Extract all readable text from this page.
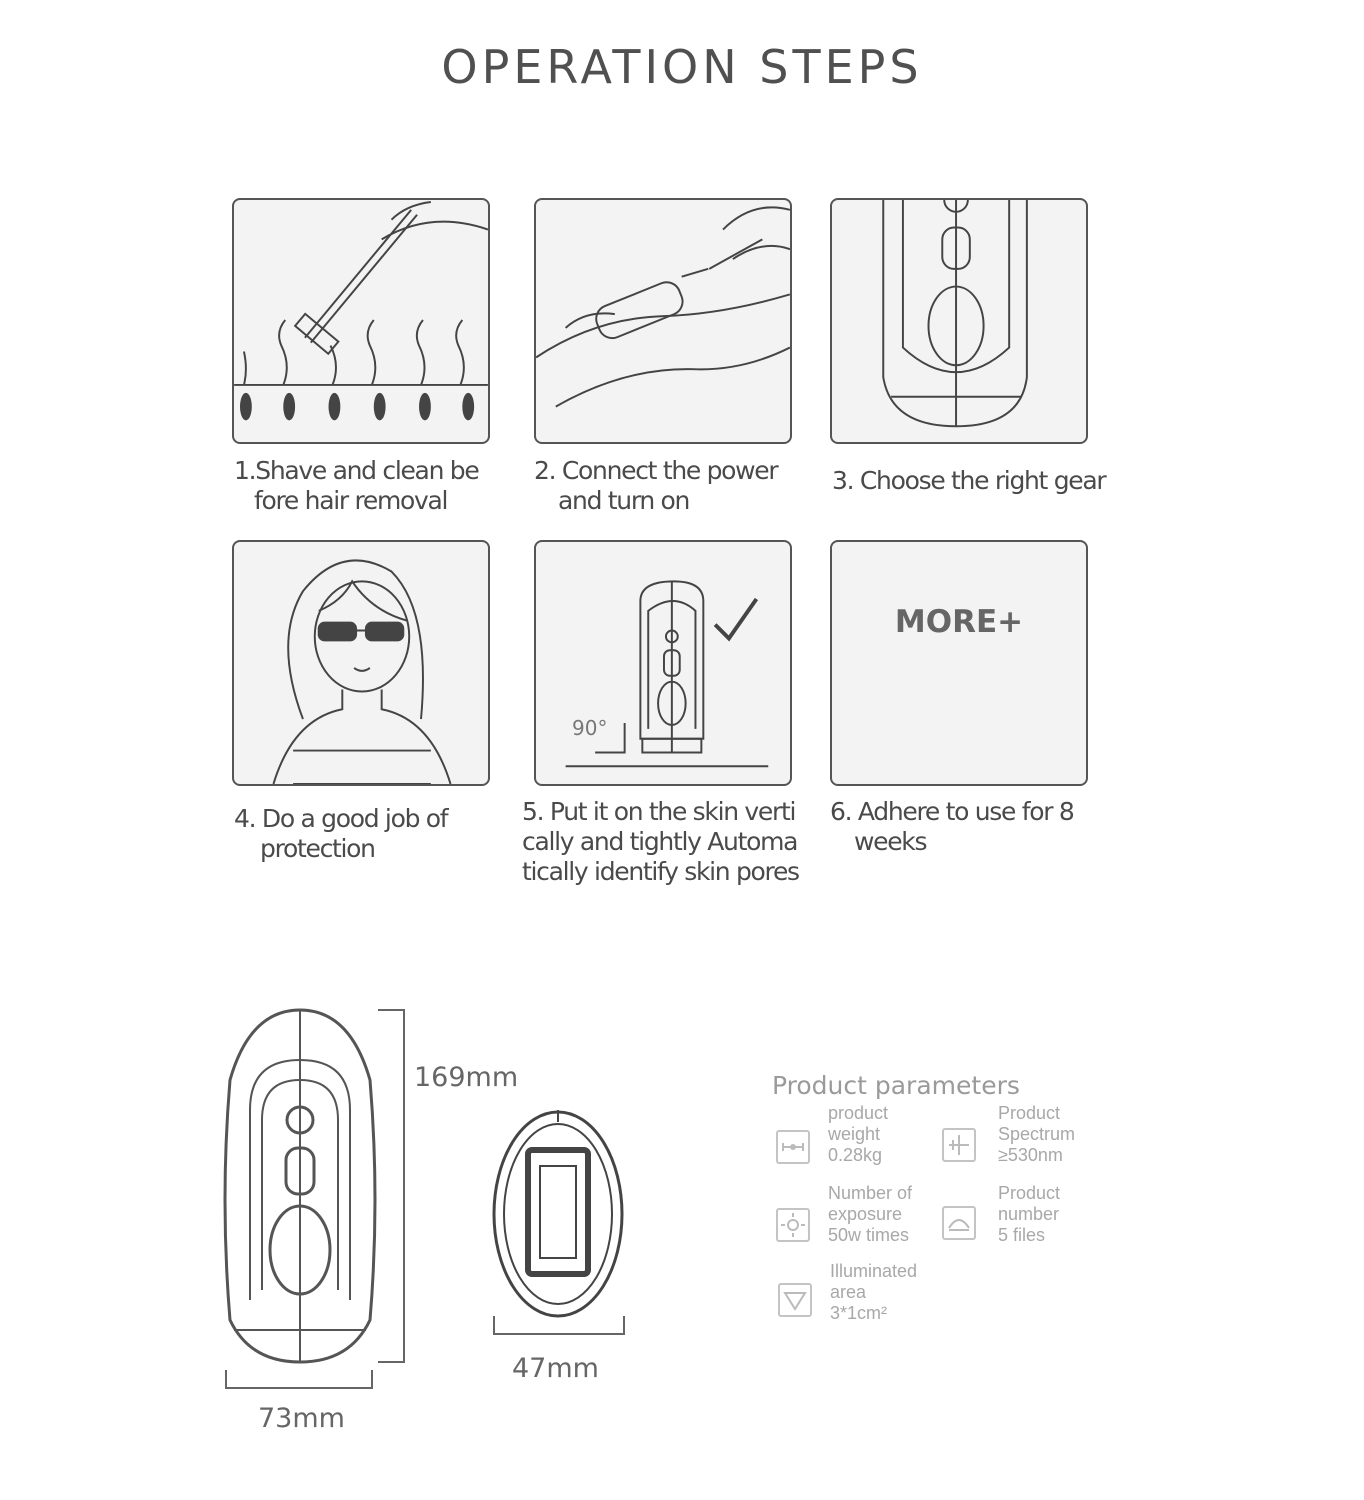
OPERATION STEPS
1.Shave and clean be
fore hair removal
2. Connect the power
and turn on
3. Choose the right gear
4. Do a good job of
protection
90°
5. Put it on the skin verti
cally and tightly Automa
tically identify skin pores
MORE+
6. Adhere to use for 8
weeks
169mm
73mm
47mm
Product parameters
product
weight
0.28kg
Product
Spectrum
≥530nm
Number of
exposure
50w times
Product
number
5 files
Illuminated
area
3*1cm²
